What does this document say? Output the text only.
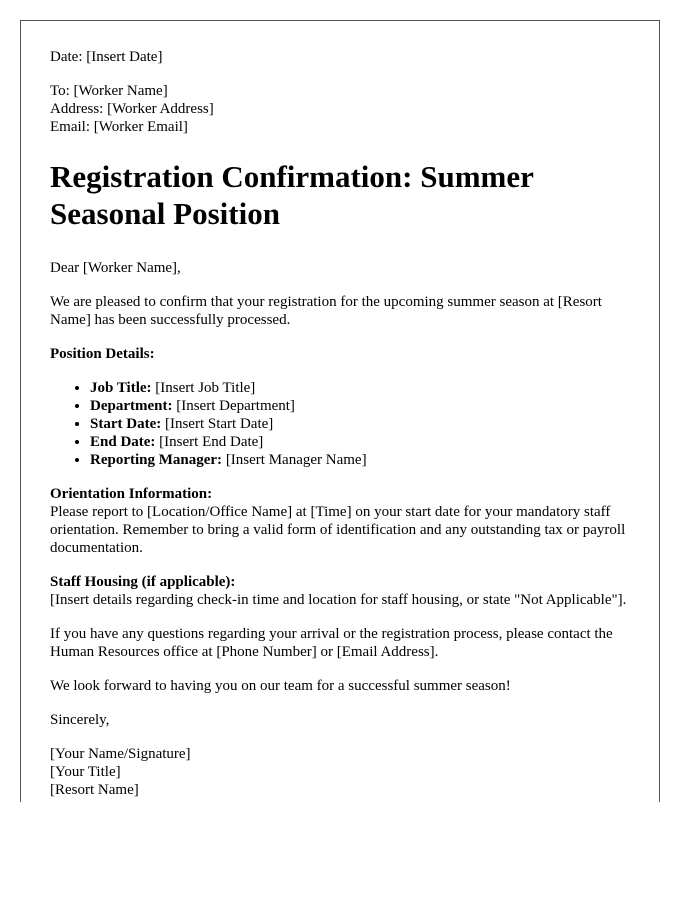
Date: [Insert Date]

To: [Worker Name]

Address: [Worker Address]

Email: [Worker Email]

Registration Confirmation: Summer Seasonal Position

Dear [Worker Name],

We are pleased to confirm that your registration for the upcoming summer season at [Resort Name] has been successfully processed.

Position Details:

• Job Title: [Insert Job Title]
• Department: [Insert Department]
• Start Date: [Insert Start Date]
• End Date: [Insert End Date]
• Reporting Manager: [Insert Manager Name]

Orientation Information:

Please report to [Location/Office Name] at [Time] on your start date for your mandatory staff orientation. Remember to bring a valid form of identification and any outstanding tax or payroll documentation.

Staff Housing (if applicable):

[Insert details regarding check-in time and location for staff housing, or state "Not Applicable"].

If you have any questions regarding your arrival or the registration process, please contact the Human Resources office at [Phone Number] or [Email Address].

We look forward to having you on our team for a successful summer season!

Sincerely,

[Your Name/Signature]

[Your Title]

[Resort Name]
